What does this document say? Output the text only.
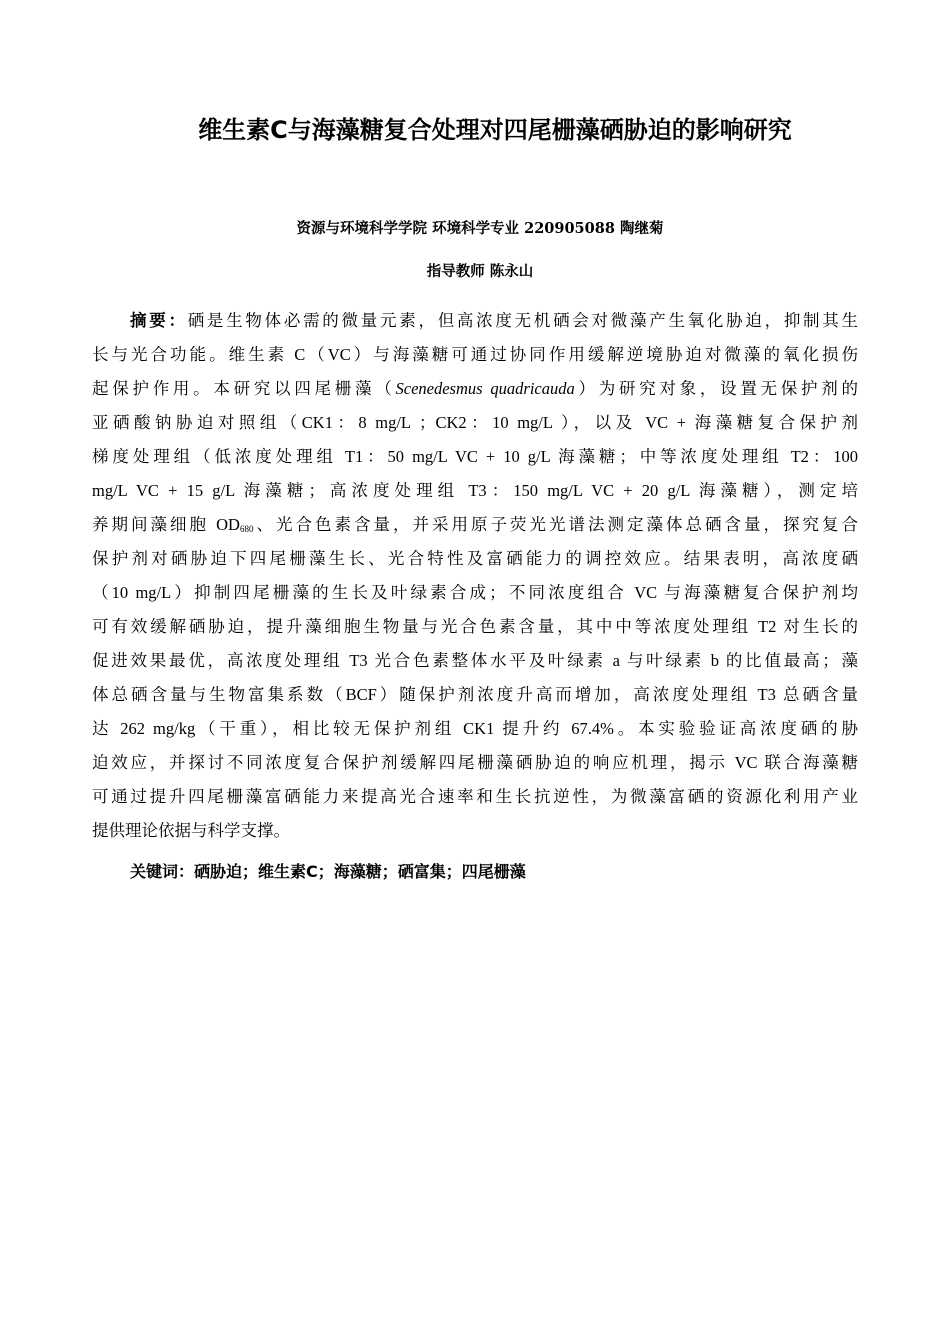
维生素C与海藻糖复合处理对四尾栅藻硒胁迫的影响研究
资源与环境科学学院 环境科学专业 220905088 陶继菊
指导教师 陈永山
摘要：硒是生物体必需的微量元素，但高浓度无机硒会对微藻产生氧化胁迫，抑制其生
长与光合功能。维生素 C（VC）与海藻糖可通过协同作用缓解逆境胁迫对微藻的氧化损伤
起保护作用。本研究以四尾栅藻（Scenedesmus quadricauda）为研究对象，设置无保护剂的
亚硒酸钠胁迫对照组（CK1：8 mg/L ；CK2：10 mg/L ），以及 VC + 海藻糖复合保护剂
梯度处理组（低浓度处理组 T1：50 mg/L VC + 10 g/L 海藻糖；中等浓度处理组 T2：100
mg/L VC + 15 g/L 海藻糖；高浓度处理组 T3：150 mg/L VC + 20 g/L 海藻糖），测定培
养期间藻细胞 $OD_{680}$、光合色素含量，并采用原子荧光光谱法测定藻体总硒含量，探究复合
保护剂对硒胁迫下四尾栅藻生长、光合特性及富硒能力的调控效应。结果表明，高浓度硒
（10 mg/L）抑制四尾栅藻的生长及叶绿素合成；不同浓度组合 VC 与海藻糖复合保护剂均
可有效缓解硒胁迫，提升藻细胞生物量与光合色素含量，其中中等浓度处理组 T2 对生长的
促进效果最优，高浓度处理组 T3 光合色素整体水平及叶绿素 a 与叶绿素 b 的比值最高；藻
体总硒含量与生物富集系数（BCF）随保护剂浓度升高而增加，高浓度处理组 T3 总硒含量
达 262 mg/kg（干重），相比较无保护剂组 CK1 提升约 67.4%。本实验验证高浓度硒的胁
迫效应，并探讨不同浓度复合保护剂缓解四尾栅藻硒胁迫的响应机理，揭示 VC 联合海藻糖
可通过提升四尾栅藻富硒能力来提高光合速率和生长抗逆性，为微藻富硒的资源化利用产业
提供理论依据与科学支撑。
关键词：硒胁迫；维生素C；海藻糖；硒富集；四尾栅藻
